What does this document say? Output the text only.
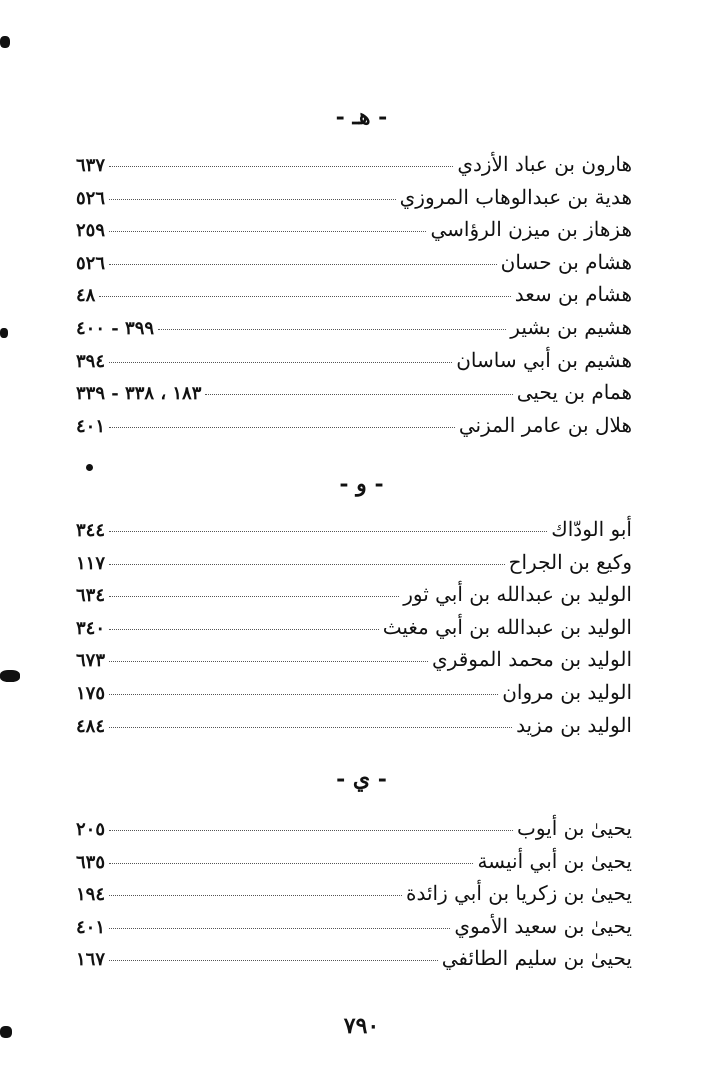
- هـ -
٦٣٧	هارون بن عباد الأزدي
٥٢٦	هدية بن عبدالوهاب المروزي
٢٥٩	هزهاز بن ميزن الرؤاسي
٥٢٦	هشام بن حسان
٤٨	هشام بن سعد
٣٩٩ - ٤٠٠	هشيم بن بشير
٣٩٤	هشيم بن أبي ساسان
١٨٣ ، ٣٣٨ - ٣٣٩	همام بن يحيى
٤٠١	هلال بن عامر المزني
- و -
٣٤٤	أبو الودّاك
١١٧	وكيع بن الجراح
٦٣٤	الوليد بن عبدالله بن أبي ثور
٣٤٠	الوليد بن عبدالله بن أبي مغيث
٦٧٣	الوليد بن محمد الموقري
١٧٥	الوليد بن مروان
٤٨٤	الوليد بن مزيد
- ي -
٢٠٥	يحيىٰ بن أيوب
٦٣٥	يحيىٰ بن أبي أنيسة
١٩٤	يحيىٰ بن زكريا بن أبي زائدة
٤٠١	يحيىٰ بن سعيد الأموي
١٦٧	يحيىٰ بن سليم الطائفي
٧٩٠
